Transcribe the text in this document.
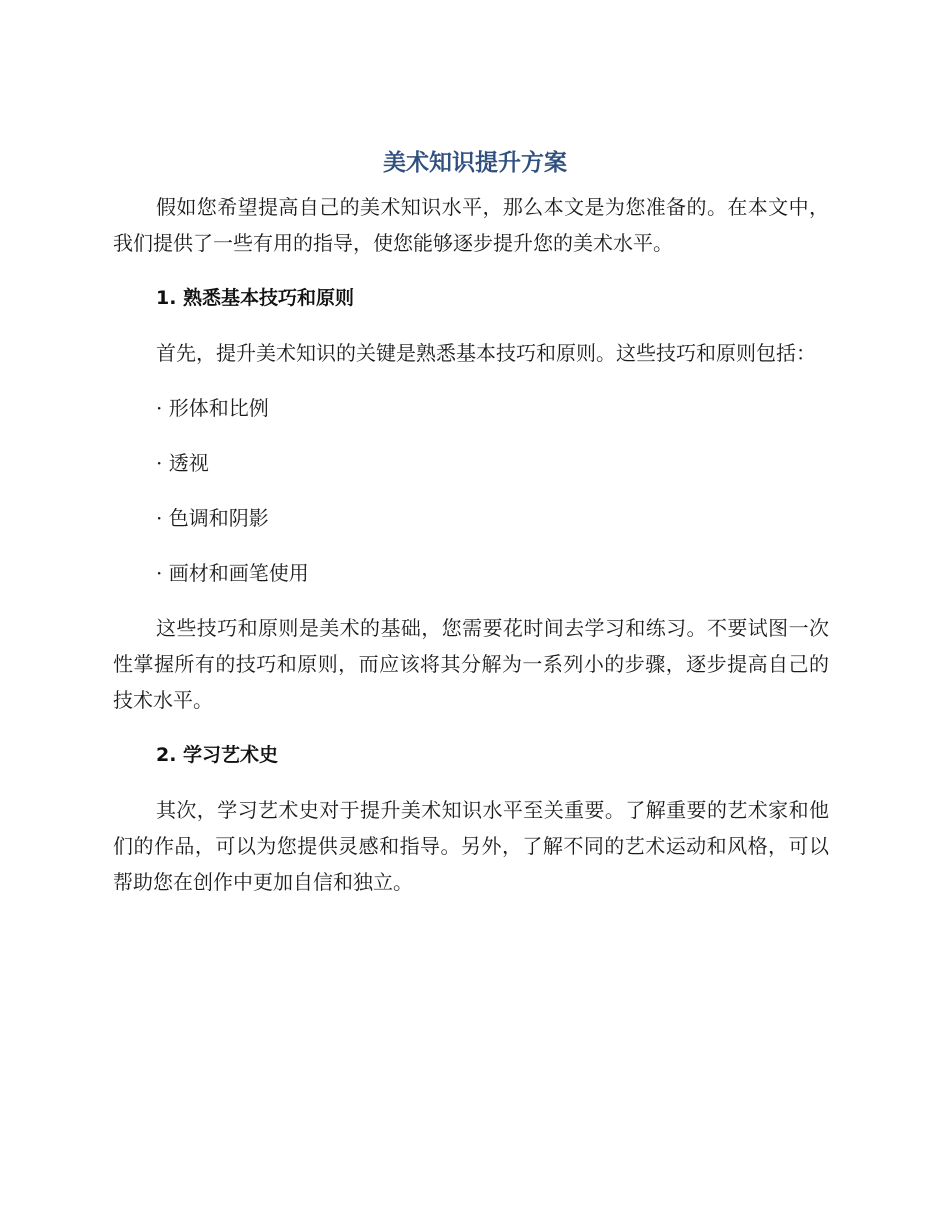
美术知识提升方案

假如您希望提高自己的美术知识水平，那么本文是为您准备的。在本文中，我们提供了一些有用的指导，使您能够逐步提升您的美术水平。

1. 熟悉基本技巧和原则

首先，提升美术知识的关键是熟悉基本技巧和原则。这些技巧和原则包括：

· 形体和比例
· 透视
· 色调和阴影
· 画材和画笔使用

这些技巧和原则是美术的基础，您需要花时间去学习和练习。不要试图一次性掌握所有的技巧和原则，而应该将其分解为一系列小的步骤，逐步提高自己的技术水平。

2. 学习艺术史

其次，学习艺术史对于提升美术知识水平至关重要。了解重要的艺术家和他们的作品，可以为您提供灵感和指导。另外，了解不同的艺术运动和风格，可以帮助您在创作中更加自信和独立。
